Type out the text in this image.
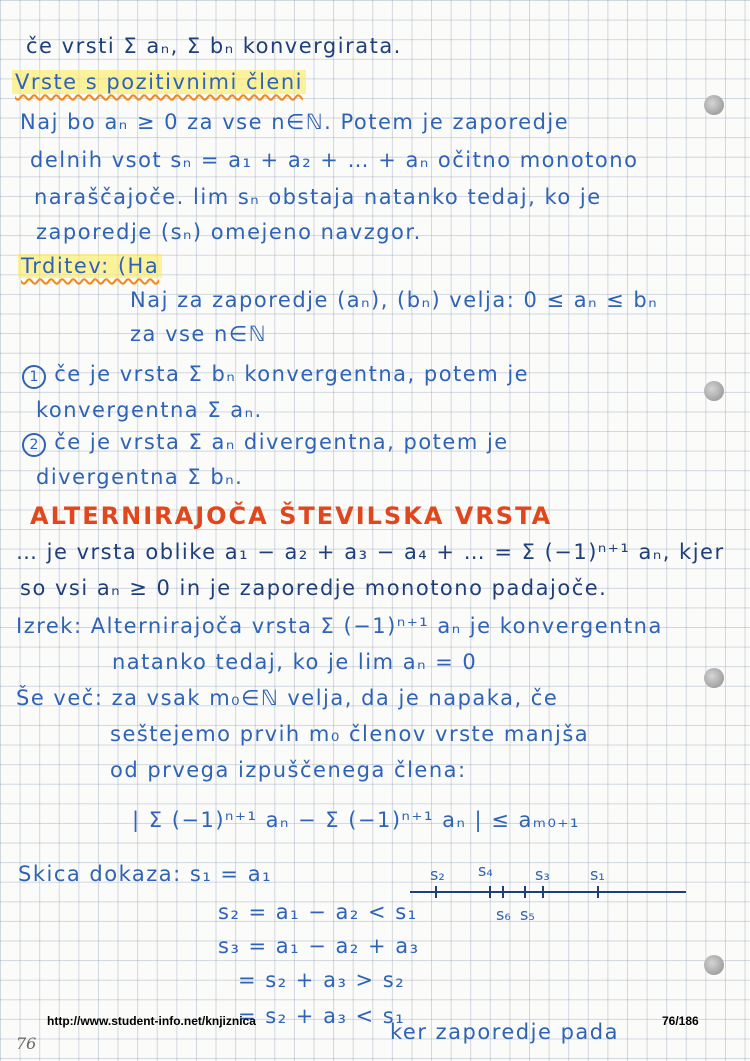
če vrsti Σ aₙ, Σ bₙ konvergirata.
Vrste s pozitivnimi členi
Naj bo aₙ ≥ 0 za vse n∈ℕ. Potem je zaporedje
delnih vsot sₙ = a₁ + a₂ + … + aₙ očitno monotono
naraščajoče. lim sₙ obstaja natanko tedaj, ko je
zaporedje (sₙ) omejeno navzgor.
Trditev: (Ha
Naj za zaporedje (aₙ), (bₙ) velja: 0 ≤ aₙ ≤ bₙ
za vse n∈ℕ
1 če je vrsta Σ bₙ konvergentna, potem je
konvergentna Σ aₙ.
2 če je vrsta Σ aₙ divergentna, potem je
divergentna Σ bₙ.
ALTERNIRAJOČA ŠTEVILSKA VRSTA
… je vrsta oblike a₁ − a₂ + a₃ − a₄ + … = Σ (−1)ⁿ⁺¹ aₙ, kjer
so vsi aₙ ≥ 0 in je zaporedje monotono padajoče.
Izrek: Alternirajoča vrsta Σ (−1)ⁿ⁺¹ aₙ je konvergentna
natanko tedaj, ko je lim aₙ = 0
Še več: za vsak m₀∈ℕ velja, da je napaka, če
seštejemo prvih m₀ členov vrste manjša
od prvega izpuščenega člena:
| Σ (−1)ⁿ⁺¹ aₙ − Σ (−1)ⁿ⁺¹ aₙ | ≤ aₘ₀₊₁
Skica dokaza: s₁ = a₁
s₂ = a₁ − a₂ < s₁
s₃ = a₁ − a₂ + a₃
= s₂ + a₃ > s₂
= s₂ + a₃ < s₁
ker zaporedje pada
s₂ s₄	s₃	s₁
s₆ s₅
http://www.student-info.net/knjiznica	76/186
76
